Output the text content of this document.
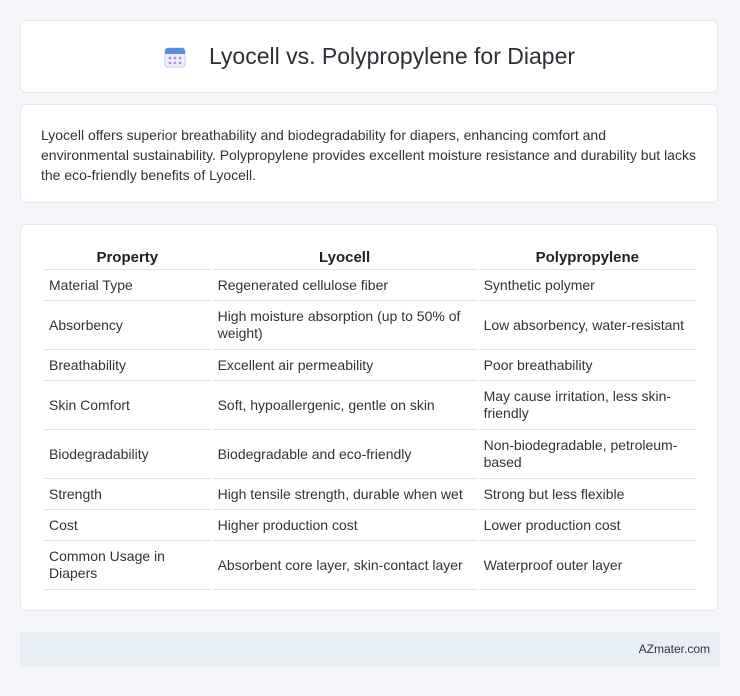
Lyocell vs. Polypropylene for Diaper

Lyocell offers superior breathability and biodegradability for diapers, enhancing comfort and environmental sustainability. Polypropylene provides excellent moisture resistance and durability but lacks the eco-friendly benefits of Lyocell.

Property	Lyocell	Polypropylene
Material Type	Regenerated cellulose fiber	Synthetic polymer
Absorbency	High moisture absorption (up to 50% of weight)	Low absorbency, water-resistant
Breathability	Excellent air permeability	Poor breathability
Skin Comfort	Soft, hypoallergenic, gentle on skin	May cause irritation, less skin-friendly
Biodegradability	Biodegradable and eco-friendly	Non-biodegradable, petroleum-based
Strength	High tensile strength, durable when wet	Strong but less flexible
Cost	Higher production cost	Lower production cost
Common Usage in Diapers	Absorbent core layer, skin-contact layer	Waterproof outer layer
AZmater.com
